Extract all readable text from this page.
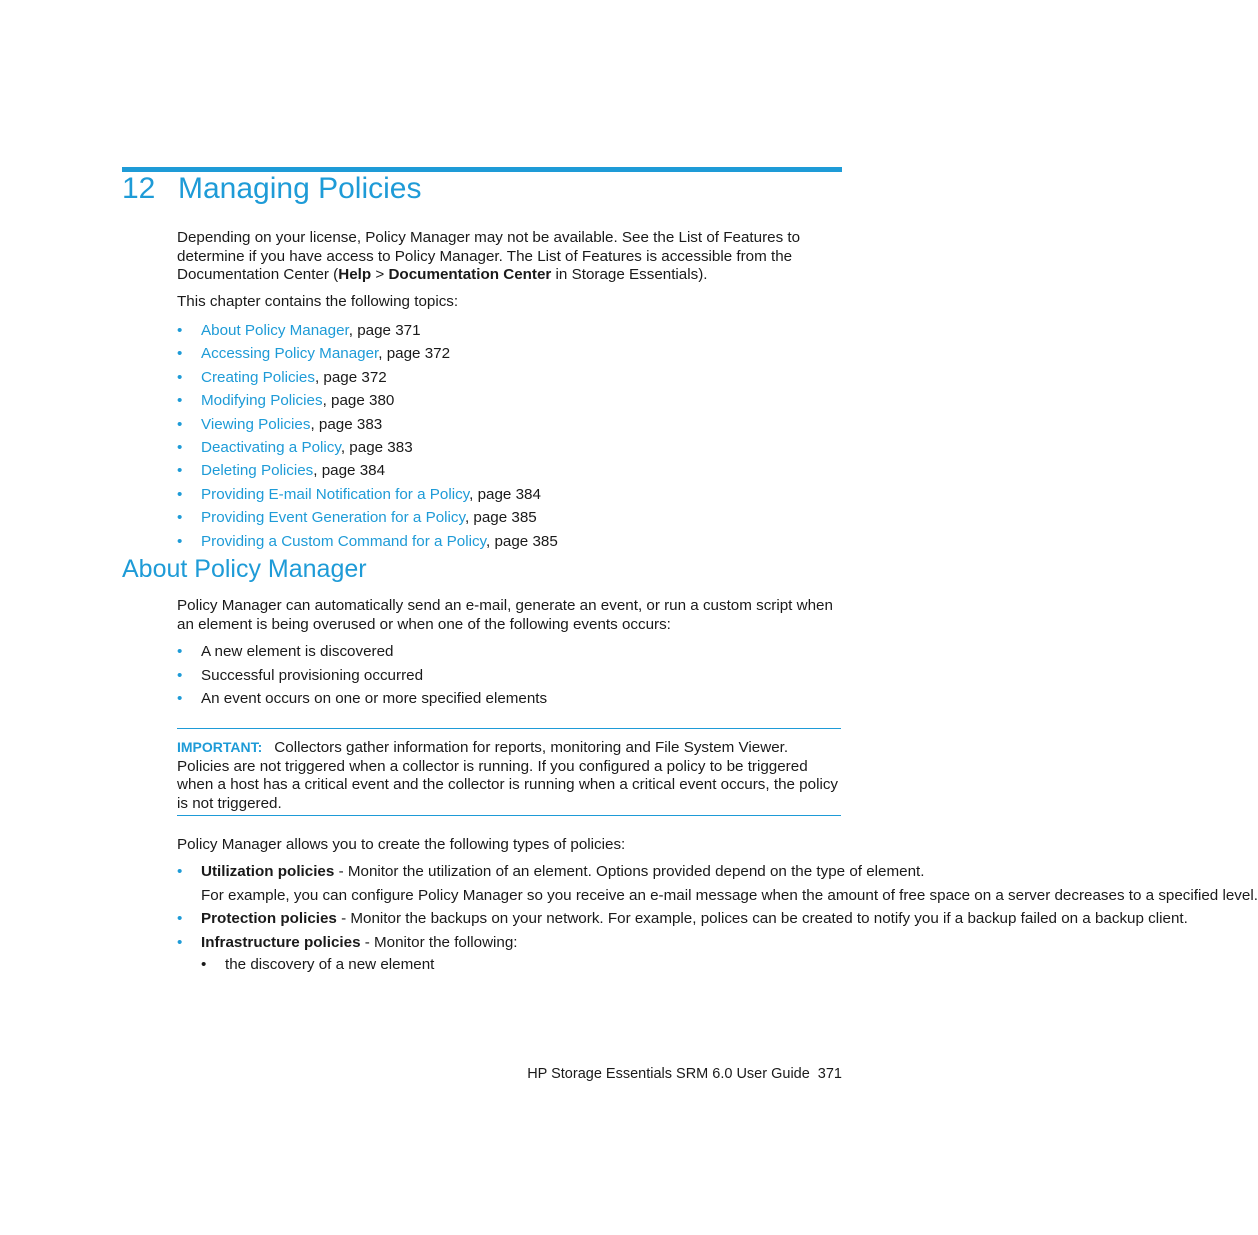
12 Managing Policies

Depending on your license, Policy Manager may not be available. See the List of Features to determine if you have access to Policy Manager. The List of Features is accessible from the Documentation Center (Help > Documentation Center in Storage Essentials).

This chapter contains the following topics:

• About Policy Manager, page 371
• Accessing Policy Manager, page 372
• Creating Policies, page 372
• Modifying Policies, page 380
• Viewing Policies, page 383
• Deactivating a Policy, page 383
• Deleting Policies, page 384
• Providing E-mail Notification for a Policy, page 384
• Providing Event Generation for a Policy, page 385
• Providing a Custom Command for a Policy, page 385
About Policy Manager

Policy Manager can automatically send an e-mail, generate an event, or run a custom script when an element is being overused or when one of the following events occurs:

• A new element is discovered
• Successful provisioning occurred
• An event occurs on one or more specified elements

IMPORTANT: Collectors gather information for reports, monitoring and File System Viewer. Policies are not triggered when a collector is running. If you configured a policy to be triggered when a host has a critical event and the collector is running when a critical event occurs, the policy is not triggered.

Policy Manager allows you to create the following types of policies:

• Utilization policies - Monitor the utilization of an element. Options provided depend on the type of element.

For example, you can configure Policy Manager so you receive an e-mail message when the amount of free space on a server decreases to a specified level.

• Protection policies - Monitor the backups on your network. For example, polices can be created to notify you if a backup failed on a backup client.

• Infrastructure policies - Monitor the following:

• the discovery of a new element
HP Storage Essentials SRM 6.0 User Guide 371
